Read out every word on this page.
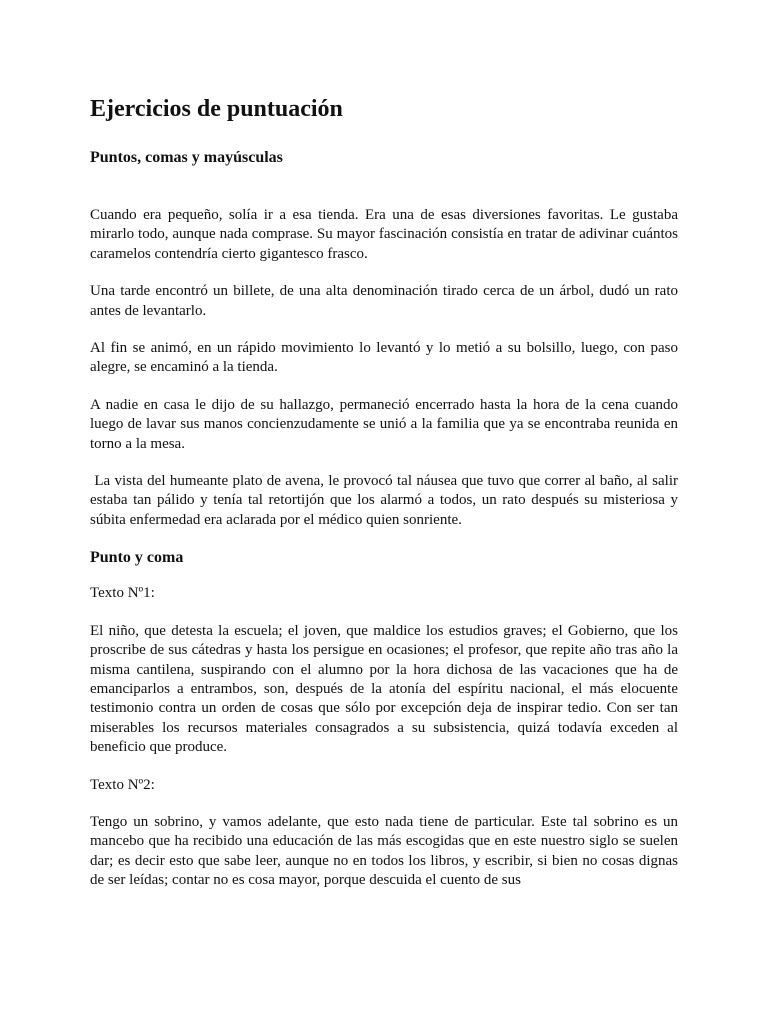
Ejercicios de puntuación
Puntos, comas y mayúsculas

Cuando era pequeño, solía ir a esa tienda. Era una de esas diversiones favoritas. Le gustaba mirarlo todo, aunque nada comprase. Su mayor fascinación consistía en tratar de adivinar cuántos caramelos contendría cierto gigantesco frasco.

Una tarde encontró un billete, de una alta denominación tirado cerca de un árbol, dudó un rato antes de levantarlo.

Al fin se animó, en un rápido movimiento lo levantó y lo metió a su bolsillo, luego, con paso alegre, se encaminó a la tienda.

A nadie en casa le dijo de su hallazgo, permaneció encerrado hasta la hora de la cena cuando luego de lavar sus manos concienzudamente se unió a la familia que ya se encontraba reunida en torno a la mesa.

La vista del humeante plato de avena, le provocó tal náusea que tuvo que correr al baño, al salir estaba tan pálido y tenía tal retortijón que los alarmó a todos, un rato después su misteriosa y súbita enfermedad era aclarada por el médico quien sonriente.

Punto y coma

Texto Nº1:

El niño, que detesta la escuela; el joven, que maldice los estudios graves; el Gobierno, que los proscribe de sus cátedras y hasta los persigue en ocasiones; el profesor, que repite año tras año la misma cantilena, suspirando con el alumno por la hora dichosa de las vacaciones que ha de emanciparlos a entrambos, son, después de la atonía del espíritu nacional, el más elocuente testimonio contra un orden de cosas que sólo por excepción deja de inspirar tedio. Con ser tan miserables los recursos materiales consagrados a su subsistencia, quizá todavía exceden al beneficio que produce.

Texto Nº2:

Tengo un sobrino, y vamos adelante, que esto nada tiene de particular. Este tal sobrino es un mancebo que ha recibido una educación de las más escogidas que en este nuestro siglo se suelen dar; es decir esto que sabe leer, aunque no en todos los libros, y escribir, si bien no cosas dignas de ser leídas; contar no es cosa mayor, porque descuida el cuento de sus
